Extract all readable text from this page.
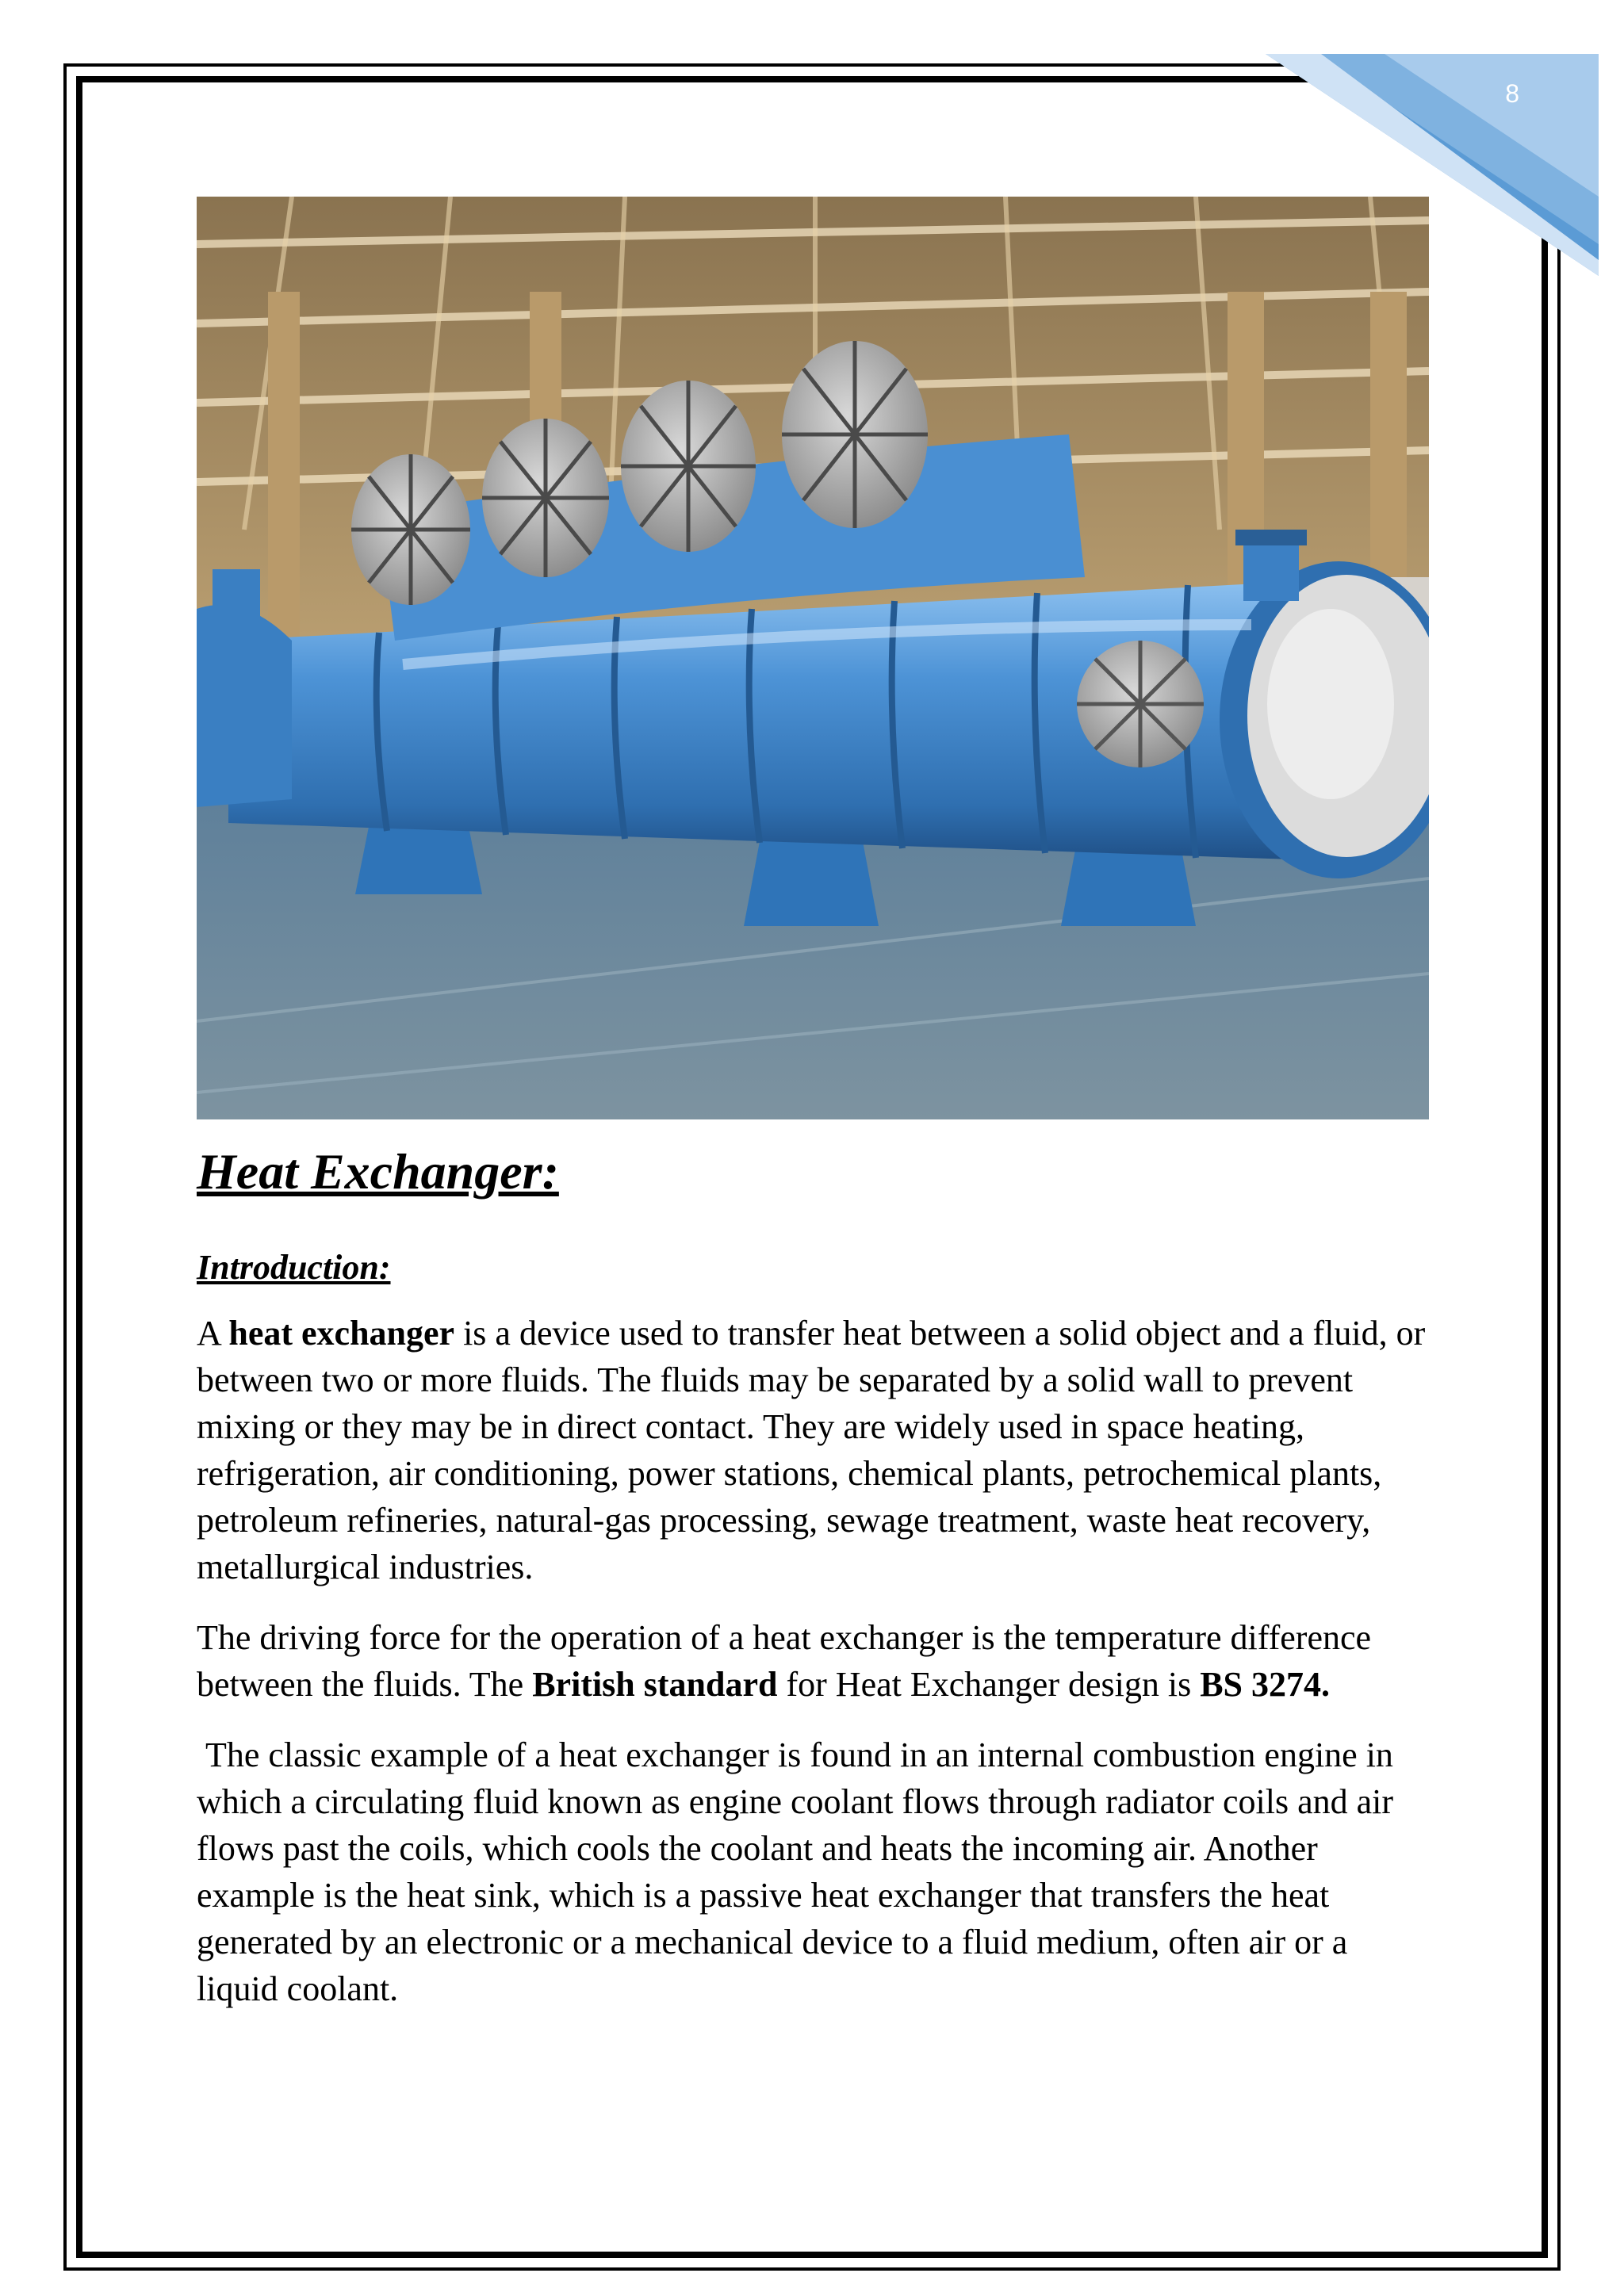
8
Heat Exchanger:
Introduction:

A heat exchanger is a device used to transfer heat between a solid object and a fluid, or between two or more fluids. The fluids may be separated by a solid wall to prevent mixing or they may be in direct contact. They are widely used in space heating, refrigeration, air conditioning, power stations, chemical plants, petrochemical plants, petroleum refineries, natural-gas processing, sewage treatment, waste heat recovery, metallurgical industries.

The driving force for the operation of a heat exchanger is the temperature difference between the fluids. The British standard for Heat Exchanger design is BS 3274.

The classic example of a heat exchanger is found in an internal combustion engine in which a circulating fluid known as engine coolant flows through radiator coils and air flows past the coils, which cools the coolant and heats the incoming air. Another example is the heat sink, which is a passive heat exchanger that transfers the heat generated by an electronic or a mechanical device to a fluid medium, often air or a liquid coolant.
